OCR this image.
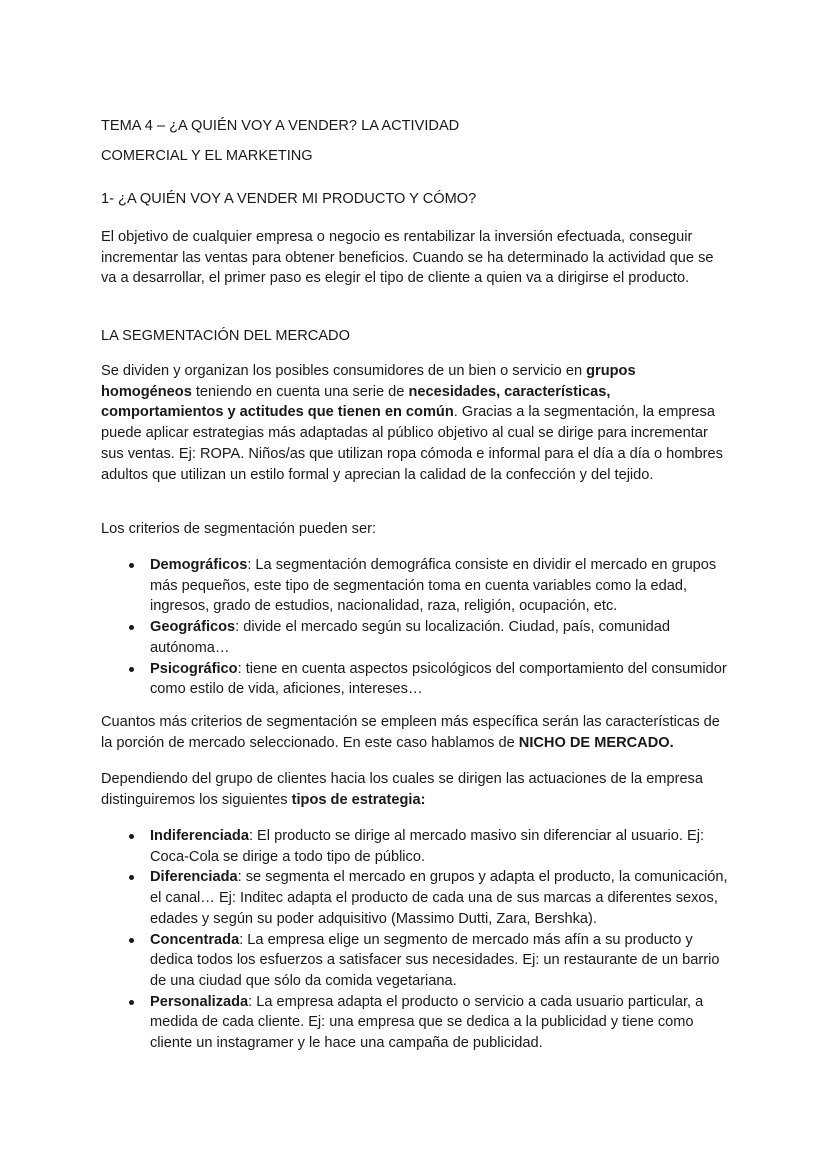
TEMA 4 – ¿A QUIÉN VOY A VENDER? LA ACTIVIDAD

COMERCIAL Y EL MARKETING

1- ¿A QUIÉN VOY A VENDER MI PRODUCTO Y CÓMO?

El objetivo de cualquier empresa o negocio es rentabilizar la inversión efectuada, conseguir incrementar las ventas para obtener beneficios. Cuando se ha determinado la actividad que se va a desarrollar, el primer paso es elegir el tipo de cliente a quien va a dirigirse el producto.

LA SEGMENTACIÓN DEL MERCADO

Se dividen y organizan los posibles consumidores de un bien o servicio en grupos homogéneos teniendo en cuenta una serie de necesidades, características, comportamientos y actitudes que tienen en común. Gracias a la segmentación, la empresa puede aplicar estrategias más adaptadas al público objetivo al cual se dirige para incrementar sus ventas. Ej: ROPA. Niños/as que utilizan ropa cómoda e informal para el día a día o hombres adultos que utilizan un estilo formal y aprecian la calidad de la confección y del tejido.

Los criterios de segmentación pueden ser:

Demográficos: La segmentación demográfica consiste en dividir el mercado en grupos más pequeños, este tipo de segmentación toma en cuenta variables como la edad, ingresos, grado de estudios, nacionalidad, raza, religión, ocupación, etc.
Geográficos: divide el mercado según su localización. Ciudad, país, comunidad autónoma…
Psicográfico: tiene en cuenta aspectos psicológicos del comportamiento del consumidor como estilo de vida, aficiones, intereses…

Cuantos más criterios de segmentación se empleen más específica serán las características de la porción de mercado seleccionado. En este caso hablamos de NICHO DE MERCADO.

Dependiendo del grupo de clientes hacia los cuales se dirigen las actuaciones de la empresa distinguiremos los siguientes tipos de estrategia:

Indiferenciada: El producto se dirige al mercado masivo sin diferenciar al usuario. Ej: Coca-Cola se dirige a todo tipo de público.
Diferenciada: se segmenta el mercado en grupos y adapta el producto, la comunicación, el canal… Ej: Inditec adapta el producto de cada una de sus marcas a diferentes sexos, edades y según su poder adquisitivo (Massimo Dutti, Zara, Bershka).
Concentrada: La empresa elige un segmento de mercado más afín a su producto y dedica todos los esfuerzos a satisfacer sus necesidades. Ej: un restaurante de un barrio de una ciudad que sólo da comida vegetariana.
Personalizada: La empresa adapta el producto o servicio a cada usuario particular, a medida de cada cliente. Ej: una empresa que se dedica a la publicidad y tiene como cliente un instagramer y le hace una campaña de publicidad.
